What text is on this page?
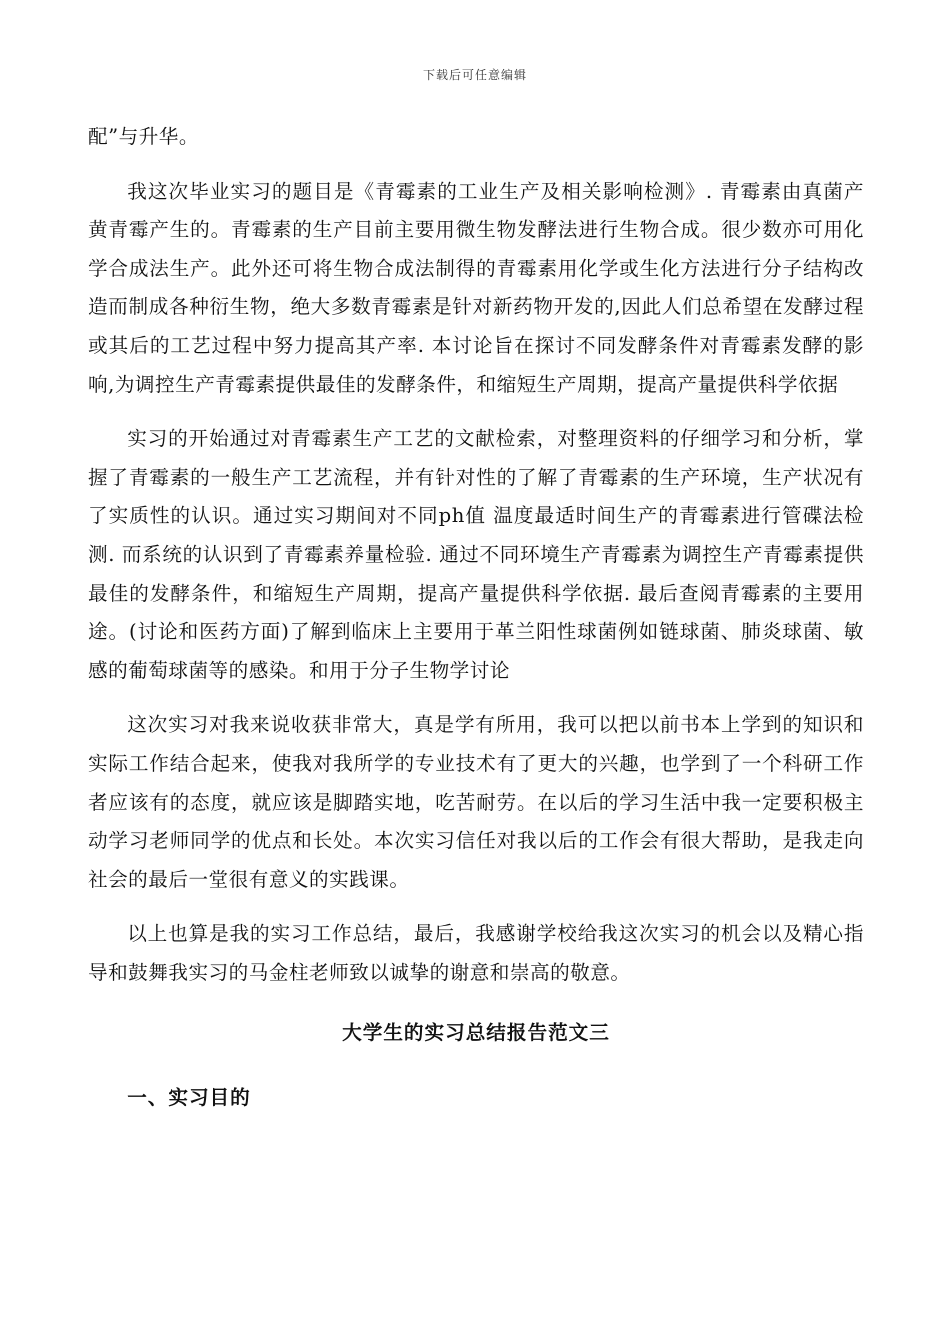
下载后可任意编辑

配”与升华。

我这次毕业实习的题目是《青霉素的工业生产及相关影响检测》. 青霉素由真菌产黄青霉产生的。青霉素的生产目前主要用微生物发酵法进行生物合成。很少数亦可用化学合成法生产。此外还可将生物合成法制得的青霉素用化学或生化方法进行分子结构改造而制成各种衍生物，绝大多数青霉素是针对新药物开发的,因此人们总希望在发酵过程或其后的工艺过程中努力提高其产率. 本讨论旨在探讨不同发酵条件对青霉素发酵的影响,为调控生产青霉素提供最佳的发酵条件，和缩短生产周期，提高产量提供科学依据

实习的开始通过对青霉素生产工艺的文献检索，对整理资料的仔细学习和分析，掌握了青霉素的一般生产工艺流程，并有针对性的了解了青霉素的生产环境，生产状况有了实质性的认识。通过实习期间对不同ph值 温度最适时间生产的青霉素进行管碟法检测. 而系统的认识到了青霉素养量检验. 通过不同环境生产青霉素为调控生产青霉素提供最佳的发酵条件，和缩短生产周期，提高产量提供科学依据. 最后查阅青霉素的主要用途。(讨论和医药方面)了解到临床上主要用于革兰阳性球菌例如链球菌、肺炎球菌、敏感的葡萄球菌等的感染。和用于分子生物学讨论

这次实习对我来说收获非常大，真是学有所用，我可以把以前书本上学到的知识和实际工作结合起来，使我对我所学的专业技术有了更大的兴趣，也学到了一个科研工作者应该有的态度，就应该是脚踏实地，吃苦耐劳。在以后的学习生活中我一定要积极主动学习老师同学的优点和长处。本次实习信任对我以后的工作会有很大帮助，是我走向社会的最后一堂很有意义的实践课。

以上也算是我的实习工作总结，最后，我感谢学校给我这次实习的机会以及精心指导和鼓舞我实习的马金柱老师致以诚挚的谢意和崇高的敬意。

大学生的实习总结报告范文三
一、实习目的
